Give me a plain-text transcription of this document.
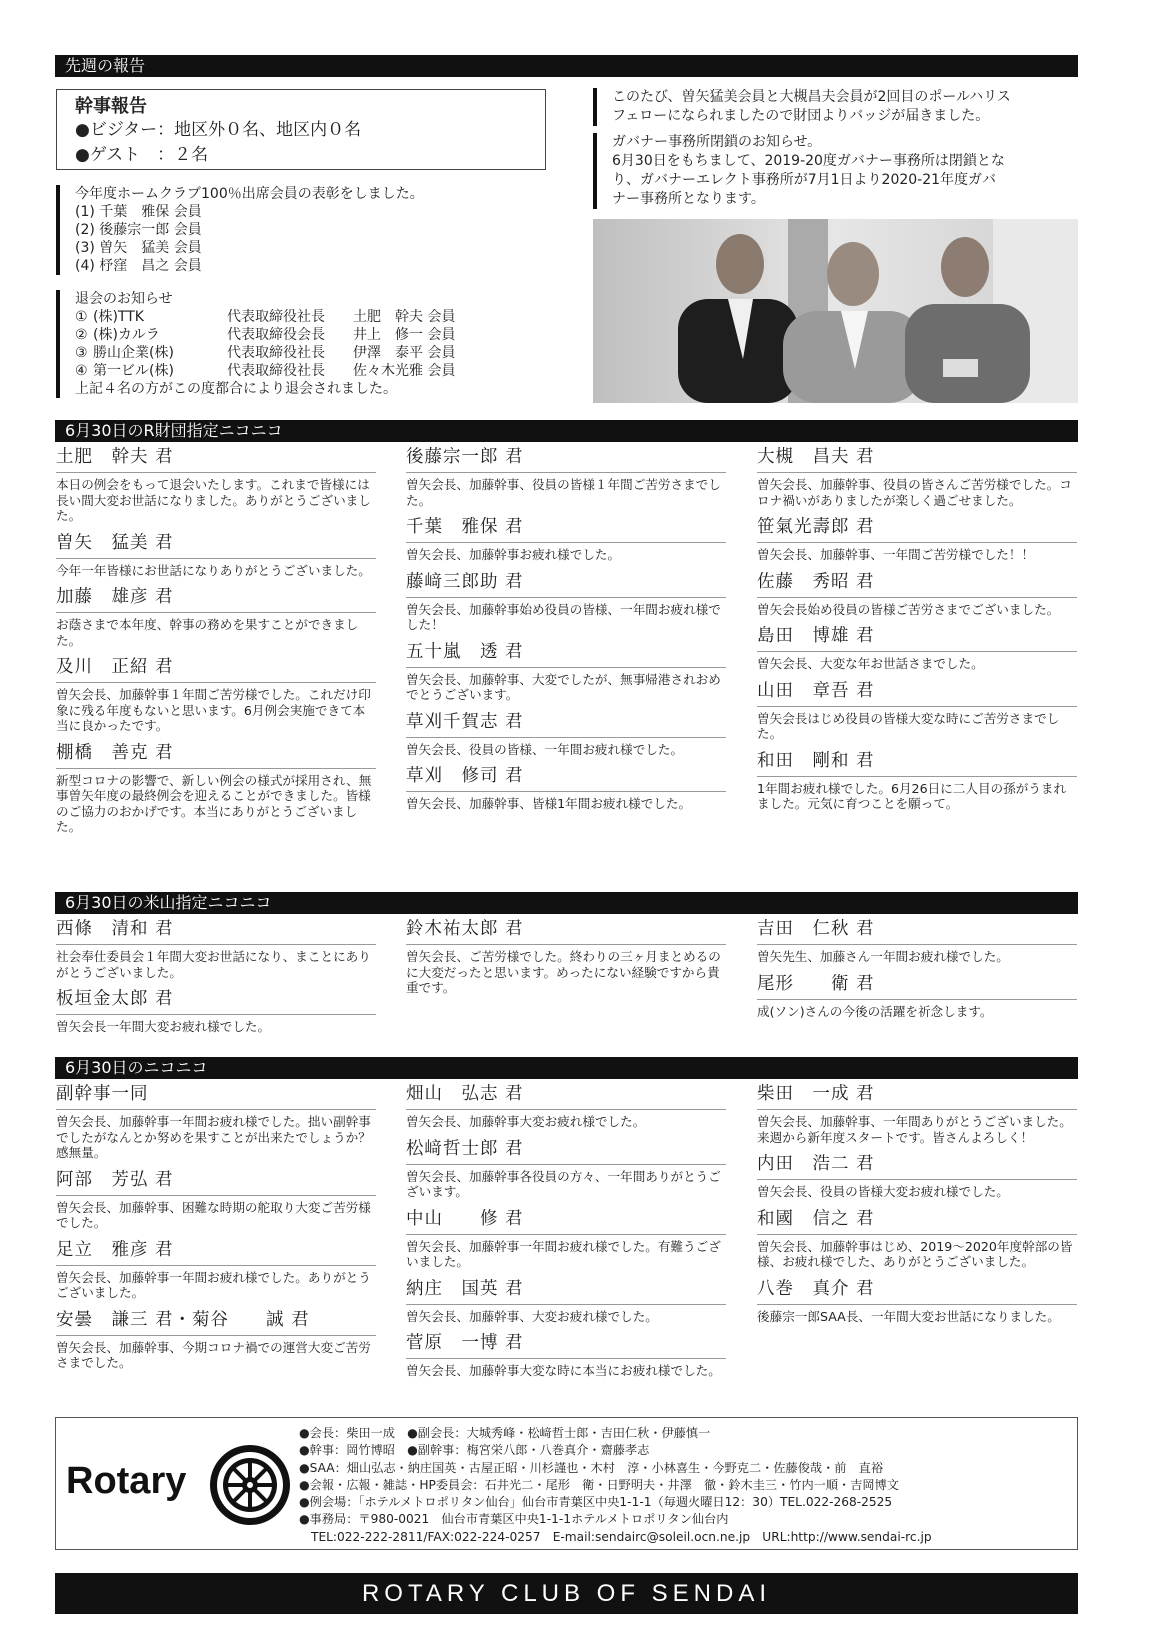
先週の報告
幹事報告
●ビジター：地区外０名、地区内０名
●ゲスト　：２名
今年度ホームクラブ100％出席会員の表彰をしました。
(1) 千葉　雅保 会員
(2) 後藤宗一郎 会員
(3) 曽矢　猛美 会員
(4) 杼窪　昌之 会員
退会のお知らせ
① (株)TTK	代表取締役社長	土肥　幹夫 会員
② (株)カルラ	代表取締役会長	井上　修一 会員
③ 勝山企業(株)	代表取締役社長	伊澤　泰平 会員
④ 第一ビル(株)	代表取締役社長	佐々木光雅 会員
上記４名の方がこの度都合により退会されました。
このたび、曽矢猛美会員と大槻昌夫会員が2回目のポールハリス
フェローになられましたので財団よりバッジが届きました。
ガバナー事務所閉鎖のお知らせ。
6月30日をもちまして、2019-20度ガバナー事務所は閉鎖とな
り、ガバナーエレクト事務所が7月1日より2020-21年度ガバ
ナー事務所となります。
6月30日のR財団指定ニコニコ
土肥　幹夫 君
本日の例会をもって退会いたします。これまで皆様には長い間大変お世話になりました。ありがとうございました。
曽矢　猛美 君
今年一年皆様にお世話になりありがとうございました。
加藤　雄彦 君
お蔭さまで本年度、幹事の務めを果すことができました。
及川　正紹 君
曽矢会長、加藤幹事１年間ご苦労様でした。これだけ印象に残る年度もないと思います。6月例会実施できて本当に良かったです。
棚橋　善克 君
新型コロナの影響で、新しい例会の様式が採用され、無事曽矢年度の最終例会を迎えることができました。皆様のご協力のおかげです。本当にありがとうございました。
後藤宗一郎 君
曽矢会長、加藤幹事、役員の皆様１年間ご苦労さまでした。
千葉　雅保 君
曽矢会長、加藤幹事お疲れ様でした。
藤﨑三郎助 君
曽矢会長、加藤幹事始め役員の皆様、一年間お疲れ様でした！
五十嵐　透 君
曽矢会長、加藤幹事、大変でしたが、無事帰港されおめでとうございます。
草刈千賀志 君
曽矢会長、役員の皆様、一年間お疲れ様でした。
草刈　修司 君
曽矢会長、加藤幹事、皆様1年間お疲れ様でした。
大槻　昌夫 君
曽矢会長、加藤幹事、役員の皆さんご苦労様でした。コロナ禍いがありましたが楽しく過ごせました。
笹氣光壽郎 君
曽矢会長、加藤幹事、一年間ご苦労様でした！！
佐藤　秀昭 君
曽矢会長始め役員の皆様ご苦労さまでございました。
島田　博雄 君
曽矢会長、大変な年お世話さまでした。
山田　章吾 君
曽矢会長はじめ役員の皆様大変な時にご苦労さまでした。
和田　剛和 君
1年間お疲れ様でした。6月26日に二人目の孫がうまれました。元気に育つことを願って。
6月30日の米山指定ニコニコ
西條　清和 君
社会奉仕委員会１年間大変お世話になり、まことにありがとうございました。
板垣金太郎 君
曽矢会長一年間大変お疲れ様でした。
鈴木祐太郎 君
曽矢会長、ご苦労様でした。終わりの三ヶ月まとめるのに大変だったと思います。めったにない経験ですから貴重です。
吉田　仁秋 君
曽矢先生、加藤さん一年間お疲れ様でした。
尾形　　衛 君
成(ソン)さんの今後の活躍を祈念します。
6月30日のニコニコ
副幹事一同
曽矢会長、加藤幹事一年間お疲れ様でした。拙い副幹事でしたがなんとか努めを果すことが出来たでしょうか？感無量。
阿部　芳弘 君
曽矢会長、加藤幹事、困難な時期の舵取り大変ご苦労様でした。
足立　雅彦 君
曽矢会長、加藤幹事一年間お疲れ様でした。ありがとうございました。
安曇　謙三 君・菊谷　　誠 君
曽矢会長、加藤幹事、今期コロナ禍での運営大変ご苦労さまでした。
畑山　弘志 君
曽矢会長、加藤幹事大変お疲れ様でした。
松﨑哲士郎 君
曽矢会長、加藤幹事各役員の方々、一年間ありがとうございます。
中山　　修 君
曽矢会長、加藤幹事一年間お疲れ様でした。有難うございました。
納庄　国英 君
曽矢会長、加藤幹事、大変お疲れ様でした。
菅原　一博 君
曽矢会長、加藤幹事大変な時に本当にお疲れ様でした。
柴田　一成 君
曽矢会長、加藤幹事、一年間ありがとうございました。来週から新年度スタートです。皆さんよろしく！
内田　浩二 君
曽矢会長、役員の皆様大変お疲れ様でした。
和國　信之 君
曽矢会長、加藤幹事はじめ、2019～2020年度幹部の皆様、お疲れ様でした、ありがとうございました。
八巻　真介 君
後藤宗一郎SAA長、一年間大変お世話になりました。
Rotary
●会長：柴田一成　●副会長：大城秀峰・松﨑哲士郎・吉田仁秋・伊藤慎一
●幹事：岡竹博昭　●副幹事：梅宮栄八郎・八巻真介・齋藤孝志
●SAA：畑山弘志・納庄国英・古屋正昭・川杉謹也・木村　淳・小林喜生・今野克二・佐藤俊哉・前　直裕
●会報・広報・雑誌・HP委員会：石井光二・尾形　衛・日野明夫・井澤　徹・鈴木圭三・竹内一順・吉岡博文
●例会場：「ホテルメトロポリタン仙台」仙台市青葉区中央1-1-1（毎週火曜日12：30）TEL.022-268-2525
●事務局：〒980-0021　仙台市青葉区中央1-1-1ホテルメトロポリタン仙台内
TEL:022-222-2811/FAX:022-224-0257　E-mail:sendairc@soleil.ocn.ne.jp　URL:http://www.sendai-rc.jp
ROTARY CLUB OF SENDAI
